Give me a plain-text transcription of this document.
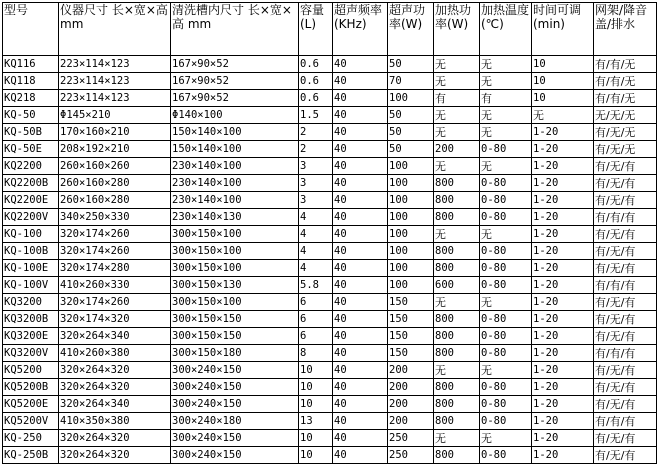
型号	仪器尺寸 长×宽×高mm	清洗槽内尺寸 长×宽×高 mm	容量(L)	超声频率(KHz)	超声功率(W)	加热功率(W)	加热温度(℃)	时间可调(min)	网架/降音盖/排水
KQ116	223×114×123	167×90×52	0.6	40	50	无	无	10	有/有/无
KQ118	223×114×123	167×90×52	0.6	40	70	无	无	10	有/有/无
KQ218	223×114×123	167×90×52	0.6	40	100	有	有	10	有/有/无
KQ-50	Φ145×210	Φ140×100	1.5	40	50	无	无	无	无/无/无
KQ-50B	170×160×210	150×140×100	2	40	50	无	无	1-20	有/无/无
KQ-50E	208×192×210	150×140×100	2	40	50	200	0-80	1-20	有/无/无
KQ2200	260×160×260	230×140×100	3	40	100	无	无	1-20	有/无/有
KQ2200B	260×160×280	230×140×100	3	40	100	800	0-80	1-20	有/无/有
KQ2200E	260×160×280	230×140×100	3	40	100	800	0-80	1-20	有/无/有
KQ2200V	340×250×330	230×140×130	4	40	100	800	0-80	1-20	有/有/有
KQ-100	320×174×260	300×150×100	4	40	100	无	无	1-20	有/无/有
KQ-100B	320×174×260	300×150×100	4	40	100	800	0-80	1-20	有/无/有
KQ-100E	320×174×280	300×150×100	4	40	100	800	0-80	1-20	有/无/有
KQ-100V	410×260×330	300×150×130	5.8	40	100	600	0-80	1-20	有/有/有
KQ3200	320×174×260	300×150×100	6	40	150	无	无	1-20	有/无/有
KQ3200B	320×174×320	300×150×150	6	40	150	800	0-80	1-20	有/无/有
KQ3200E	320×264×340	300×150×150	6	40	150	800	0-80	1-20	有/无/有
KQ3200V	410×260×380	300×150×180	8	40	150	800	0-80	1-20	有/有/有
KQ5200	320×264×320	300×240×150	10	40	200	无	无	1-20	有/无/有
KQ5200B	320×264×320	300×240×150	10	40	200	800	0-80	1-20	有/无/有
KQ5200E	320×264×340	300×240×150	10	40	200	800	0-80	1-20	有/无/有
KQ5200V	410×350×380	300×240×180	13	40	200	800	0-80	1-20	有/有/有
KQ-250	320×264×320	300×240×150	10	40	250	无	无	1-20	有/无/有
KQ-250B	320×264×320	300×240×150	10	40	250	800	0-80	1-20	有/无/有
